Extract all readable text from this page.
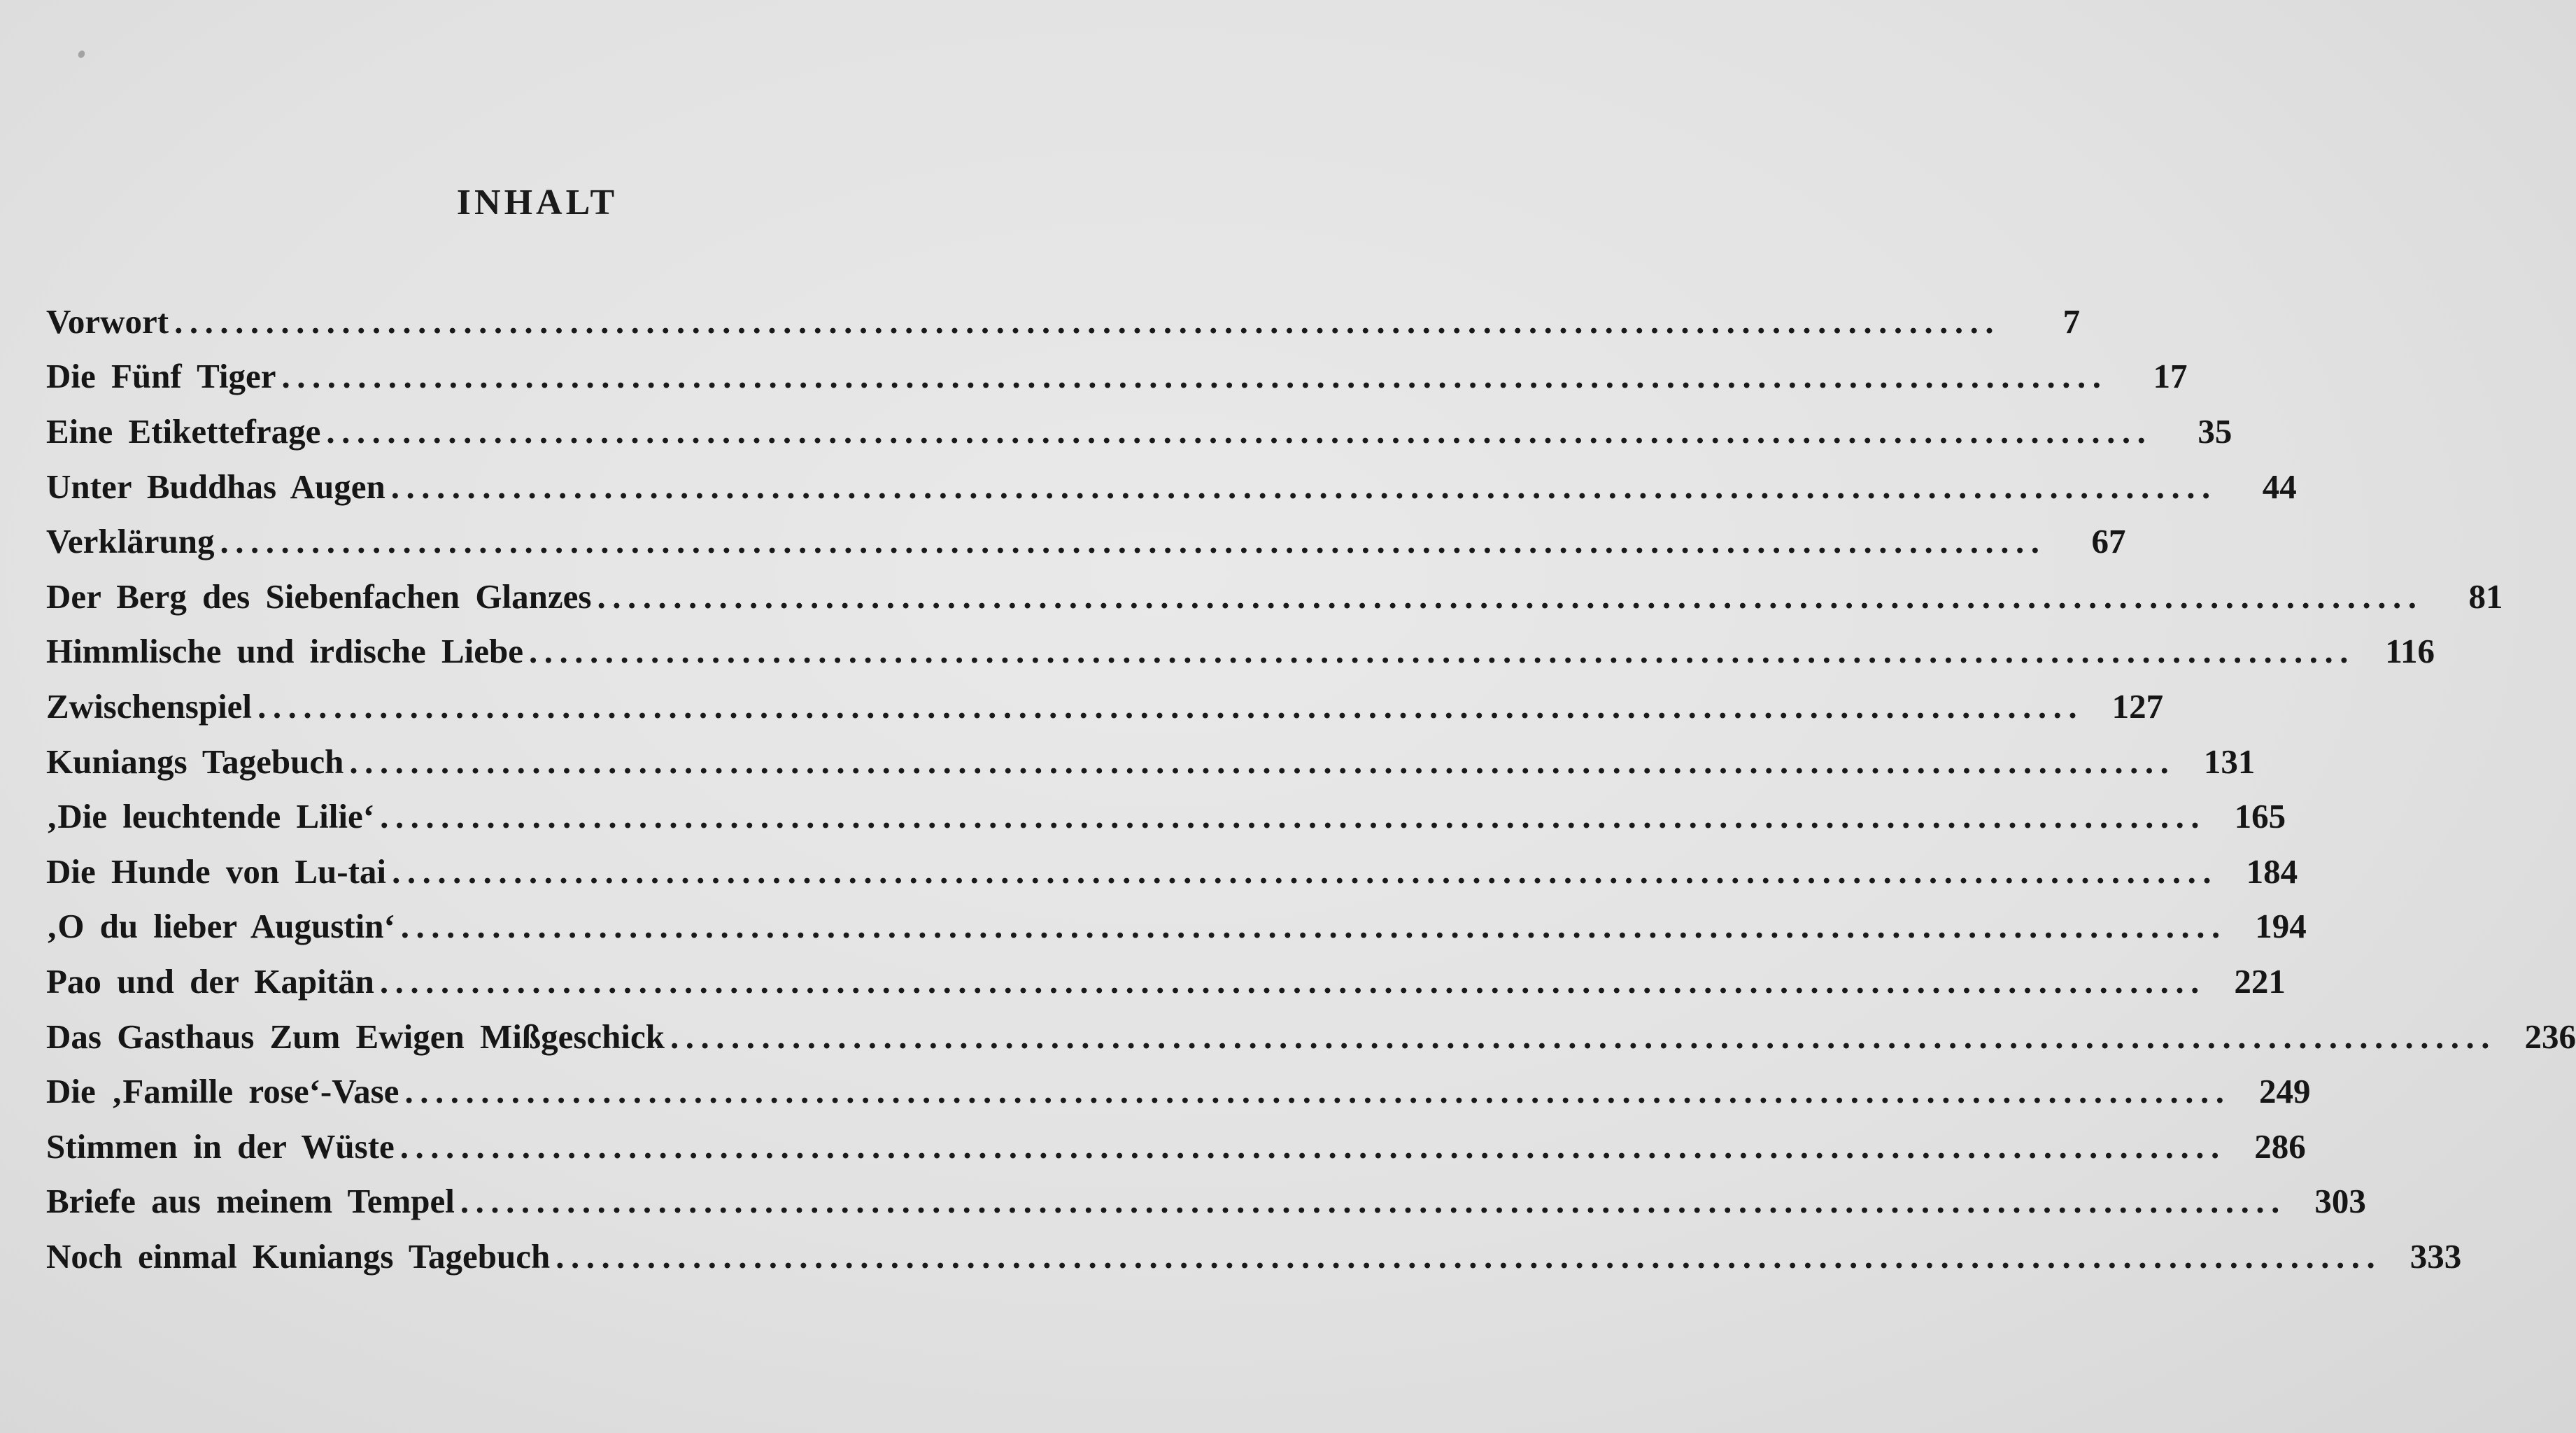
INHALT
Vorwort ........................................................................................................................	7
Die Fünf Tiger ........................................................................................................................	17
Eine Etikettefrage ........................................................................................................................	35
Unter Buddhas Augen ........................................................................................................................	44
Verklärung ........................................................................................................................	67
Der Berg des Siebenfachen Glanzes ........................................................................................................................	81
Himmlische und irdische Liebe ........................................................................................................................ 116
Zwischenspiel ........................................................................................................................ 127
Kuniangs Tagebuch ........................................................................................................................ 131
‚Die leuchtende Lilie‘ ........................................................................................................................ 165
Die Hunde von Lu-tai ........................................................................................................................ 184
‚O du lieber Augustin‘ ........................................................................................................................ 194
Pao und der Kapitän ........................................................................................................................ 221
Das Gasthaus Zum Ewigen Mißgeschick ........................................................................................................................ 236
Die ‚Famille rose‘-Vase ........................................................................................................................ 249
Stimmen in der Wüste ........................................................................................................................ 286
Briefe aus meinem Tempel ........................................................................................................................ 303
Noch einmal Kuniangs Tagebuch ........................................................................................................................ 333
